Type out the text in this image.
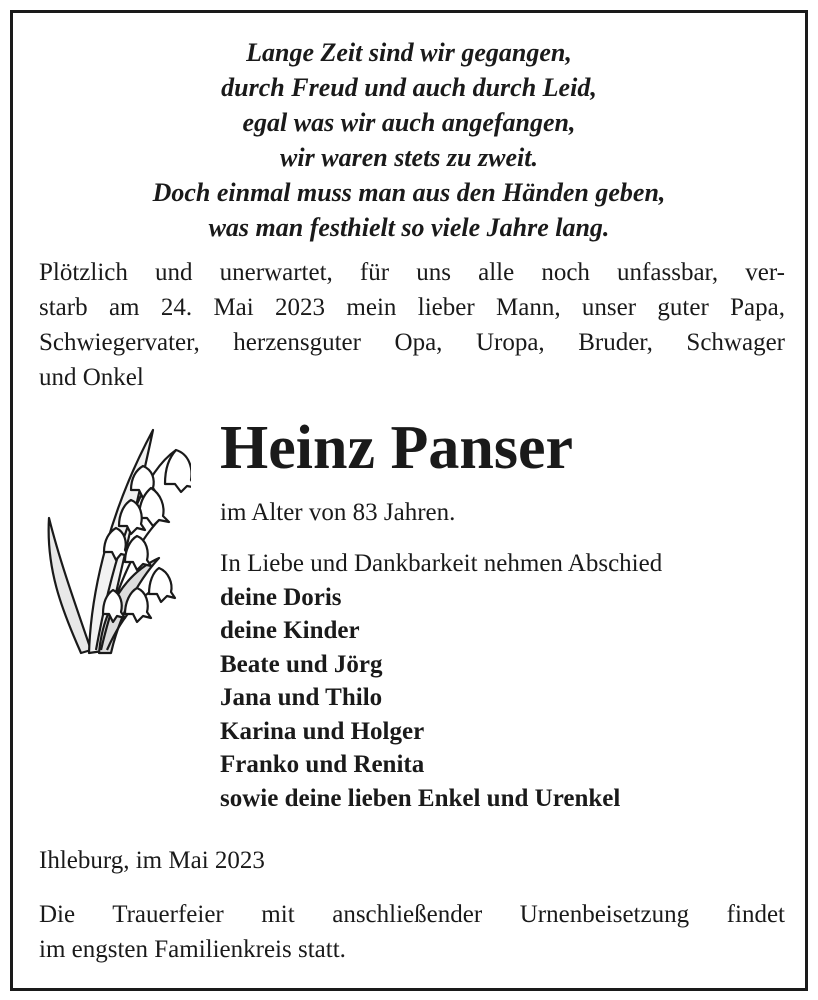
Lange Zeit sind wir gegangen,
durch Freud und auch durch Leid,
egal was wir auch angefangen,
wir waren stets zu zweit.
Doch einmal muss man aus den Händen geben,
was man festhielt so viele Jahre lang.
Plötzlich und unerwartet, für uns alle noch unfassbar, ver-
starb am 24. Mai 2023 mein lieber Mann, unser guter Papa,
Schwiegervater, herzensguter Opa, Uropa, Bruder, Schwager
und Onkel
Heinz Panser
im Alter von 83 Jahren.
In Liebe und Dankbarkeit nehmen Abschied
deine Doris
deine Kinder
Beate und Jörg
Jana und Thilo
Karina und Holger
Franko und Renita
sowie deine lieben Enkel und Urenkel
Ihleburg, im Mai 2023
Die Trauerfeier mit anschließender Urnenbeisetzung findet
im engsten Familienkreis statt.
